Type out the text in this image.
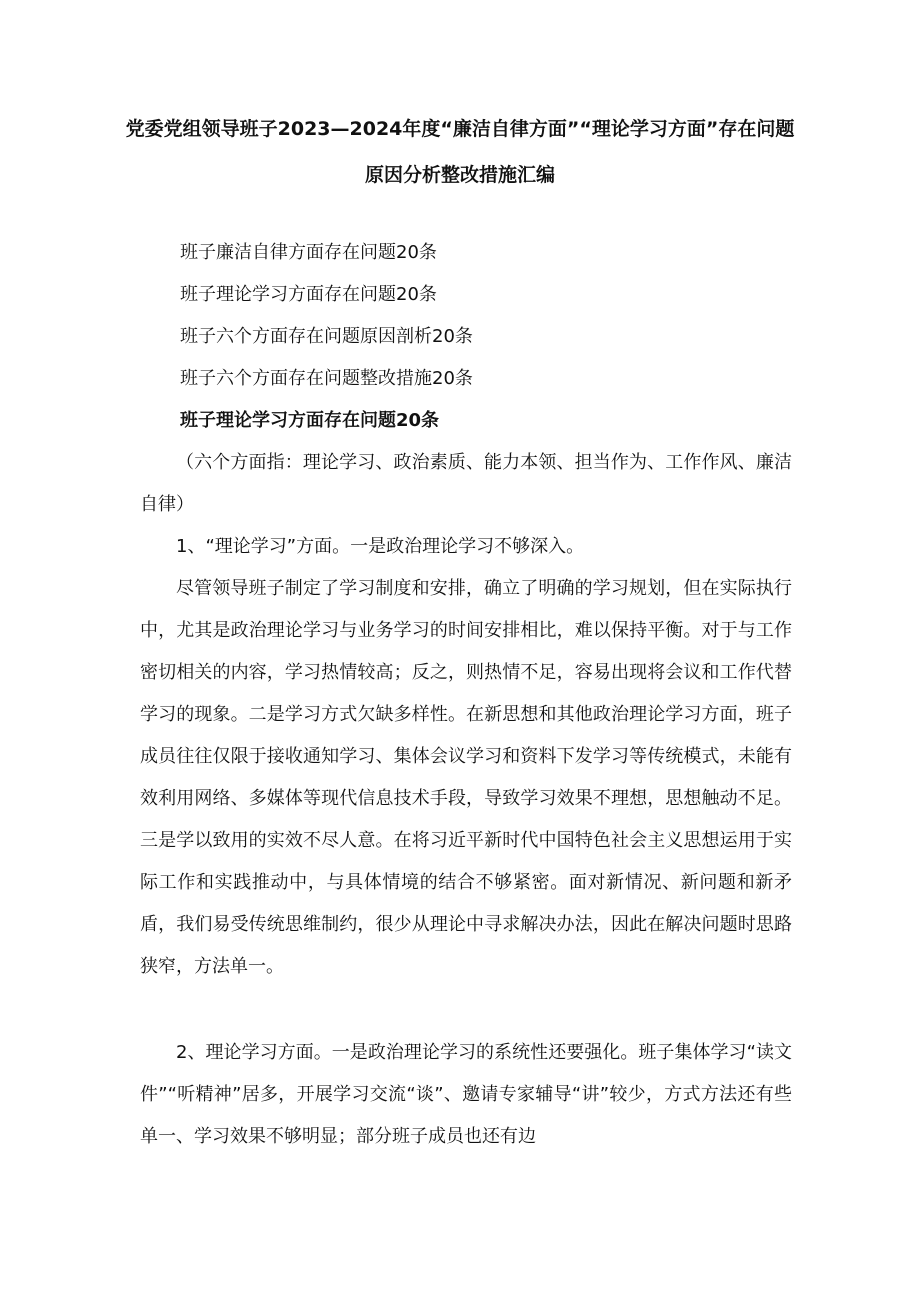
党委党组领导班子2023—2024年度“廉洁自律方面”“理论学习方面”存在问题原因分析整改措施汇编
班子廉洁自律方面存在问题20条
班子理论学习方面存在问题20条
班子六个方面存在问题原因剖析20条
班子六个方面存在问题整改措施20条
班子理论学习方面存在问题20条

（六个方面指：理论学习、政治素质、能力本领、担当作为、工作作风、廉洁自律）

1、“理论学习”方面。一是政治理论学习不够深入。

尽管领导班子制定了学习制度和安排，确立了明确的学习规划，但在实际执行中，尤其是政治理论学习与业务学习的时间安排相比，难以保持平衡。对于与工作密切相关的内容，学习热情较高；反之，则热情不足，容易出现将会议和工作代替学习的现象。二是学习方式欠缺多样性。在新思想和其他政治理论学习方面，班子成员往往仅限于接收通知学习、集体会议学习和资料下发学习等传统模式，未能有效利用网络、多媒体等现代信息技术手段，导致学习效果不理想，思想触动不足。三是学以致用的实效不尽人意。在将习近平新时代中国特色社会主义思想运用于实际工作和实践推动中，与具体情境的结合不够紧密。面对新情况、新问题和新矛盾，我们易受传统思维制约，很少从理论中寻求解决办法，因此在解决问题时思路狭窄，方法单一。

2、理论学习方面。一是政治理论学习的系统性还要强化。班子集体学习“读文件”“听精神”居多，开展学习交流“谈”、邀请专家辅导“讲”较少，方式方法还有些单一、学习效果不够明显；部分班子成员也还有边
